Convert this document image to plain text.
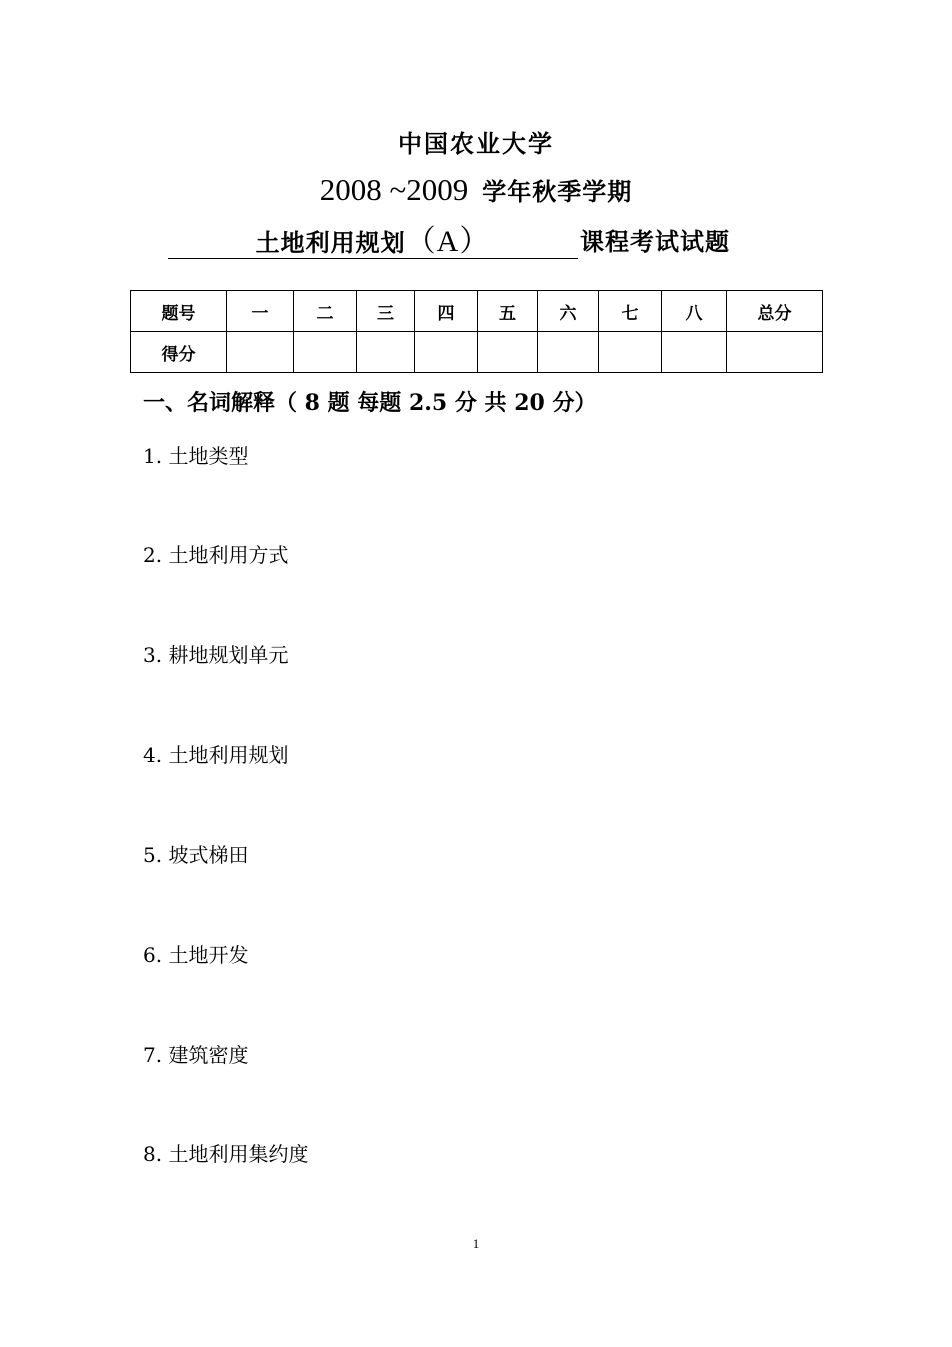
中国农业大学
2008 ~2009 学年秋季学期
土地利用规划（A）	课程考试试题
题号	一	二	三	四	五	六	七	八	总分
得分									
一、名词解释（ 8 题 每题 2.5 分 共 20 分）
1. 土地类型
2. 土地利用方式
3. 耕地规划单元
4. 土地利用规划
5. 坡式梯田
6. 土地开发
7. 建筑密度
8. 土地利用集约度
1
